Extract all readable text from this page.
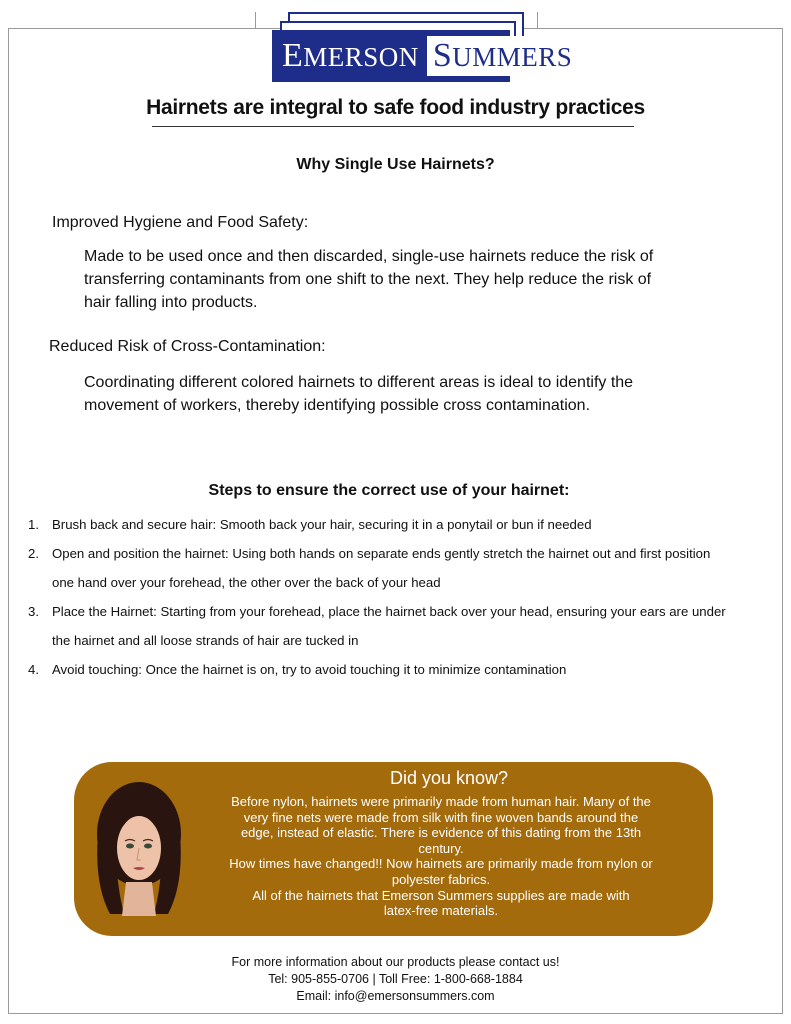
EMERSON SUMMERS
Hairnets are integral to safe food industry practices
Why Single Use Hairnets?
Improved Hygiene and Food Safety:
Made to be used once and then discarded, single-use hairnets reduce the risk of
transferring contaminants from one shift to the next. They help reduce the risk of
hair falling into products.
Reduced Risk of Cross-Contamination:
Coordinating different colored hairnets to different areas is ideal to identify the
movement of workers, thereby identifying possible cross contamination.
Steps to ensure the correct use of your hairnet:
1. Brush back and secure hair: Smooth back your hair, securing it in a ponytail or bun if needed
2. Open and position the hairnet: Using both hands on separate ends gently stretch the hairnet out and first position
one hand over your forehead, the other over the back of your head
3. Place the Hairnet: Starting from your forehead, place the hairnet back over your head, ensuring your ears are under
the hairnet and all loose strands of hair are tucked in
4. Avoid touching: Once the hairnet is on, try to avoid touching it to minimize contamination
Did you know?
Before nylon, hairnets were primarily made from human hair. Many of the
very fine nets were made from silk with fine woven bands around the
edge, instead of elastic. There is evidence of this dating from the 13th
century.
How times have changed!! Now hairnets are primarily made from nylon or
polyester fabrics.
All of the hairnets that Emerson Summers supplies are made with
latex-free materials.
For more information about our products please contact us!
Tel: 905-855-0706 | Toll Free: 1-800-668-1884
Email: info@emersonsummers.com
